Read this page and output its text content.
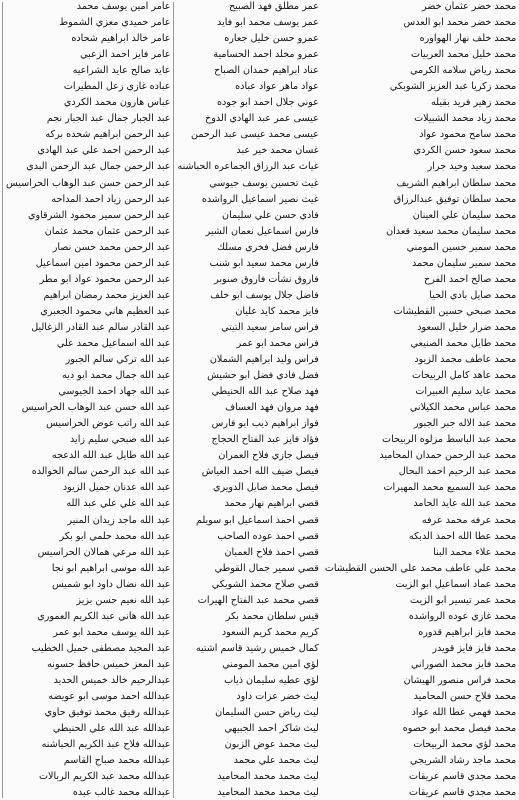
عامر امين يوسف محمد
عامر حميدي معزي الشموط
عامر خالد ابراهيم شحاده
عامر فايز احمد الزعبي
عايد صالح عايد الشراعيه
عباده غازي زعل المطيرات
عباس هارون محمد الكردي
عبد الجبار جمال عبد الجبار نجم
عبد الرحمن ابراهيم شحده بركه
عبد الرحمن احمد علي عبد الهادي
عبد الرحمن جمال عبد الرحمن البدي
عبد الرحمن حسن عبد الوهاب الحراسيس
عبد الرحمن زياد احمد المداحه
عبد الرحمن سمير محمود الشرقاوي
عبد الرحمن عثمان محمد عثمان
عبد الرحمن محمد حسن نصار
عبد الرحمن محمود امين اسماعيل
عبد الرحمن محمود عواد ابو مطر
عبد العزيز محمد رمضان ابراهيم
عبد العظيم هاني محمود الجعبري
عبد القادر سالم عبد القادر الزغاليل
عبد الله اسماعيل محمد علي
عبد الله تركي سالم الجبور
عبد الله جمال محمد ابو ديه
عبد الله جهاد احمد الجيوسي
عبد الله حسن عبد الوهاب الحراسيس
عبد الله راتب عوض الحراسيس
عبد الله صبحي سليم زايد
عبد الله طايل عبد الله الدعجه
عبد الله عبد الرحمن سالم الخوالده
عبد الله عدنان جميل الزيود
عبد الله علي علي عبد الله
عبد الله ماجد زيدان المنير
عبد الله محمد حلمي ابو بكر
عبد الله مرعي همالان الحراسيس
عبد الله موسى ابراهيم ابو نجا
عبد الله نضال داود ابو شميس
عبد الله نعيم حسن بزيز
عبد الله هاني عبد الكريم العموري
عبد الله يوسف محمد ابو عمر
عبد المجيد مصطفى جميل الخطيب
عبد المعز خميس حافظ حسونه
عبدالرحيم خالد خميس الحديد
عبدالله احمد موسى ابو عويضه
عبدالله رفيق محمد توفيق حاوي
عبدالله عبد الله علي الحنيطي
عبدالله فلاح عبد الكريم الحباشنه
عبدالله محمد صباح القاسم
عبدالله محمد عبد الكريم الربالات
عبدالله محمد غالب عبده
عمر مطلق فهد الصبيح
عمر يوسف محمد ابو فايد
عمرو حسن خليل جعاره
عمرو مخلد احمد الحسامية
عناد ابراهيم حمدان الصباح
عواد ماهر عواد عباده
عوني جلال احمد ابو جوده
عيسى عمر عبد الهادي الدوخ
عيسى محمد عيسى عبد الرحمن
غسان محمد خير عبد
غياث عبد الرزاق الجماعره الحباشنه
غيث تحسين يوسف جيوسي
غيث نصير اسماعيل الرواشده
فادي حسن علي سليمان
فارس اسماعيل نعمان الشير
فارس فضل فخري مسلك
فارس محمد سعيد ابو شنب
فاروق نشأت فاروق صنوبر
فاضل جلال يوسف ابو خلف
فايز محمد كايد عليان
فراس سامر سعيد التيتي
فراس محمد ابو عمر
فراس وليد ابراهيم الشملان
فضل فادي فضل ابو حشيش
فهد صلاح عبد الله الحنيطي
فهد مروان فهد العساف
فواز ابراهيم ذيب ابو فارس
فؤاد فايز عبد الفتاح الحجاج
فيصل جازي فلاح العمران
فيصل ضيف الله احمد العياش
فيصل محمد صايل الدويري
قصي ابراهيم نهار محمد
قصي احمد اسماعيل ابو سويلم
قصي احمد عوده الصاحب
قصي احمد فلاح العمبان
قصي سمير جمال القوطي
قصي صلاح محمد الشويكي
قصي محمد عبد الفتاح الهيرات
قيس سلطان محمد بكر
كريم محمد كريم السعود
كمال خميس رشيد قاسم اشتيه
لؤي امين محمد المومني
لؤي عطيه سليمان ذياب
ليث خضر عزات داود
ليث رياض حسن السليمان
ليث شاكر احمد الجبيهي
ليث محمد عوض الزبون
ليث محمد علي محمد
ليث محمد محمد المحاميد
ليث محمد محمد المحاميد
محمد خضر عثمان خضر
محمد خضر محمد ابو العدس
محمد خلف نهار الهواوره
محمد خليل محمد العربيات
محمد رياض سلامه الكرمي
محمد زكريا عبد العزيز الشوبكي
محمد زهير فريد بقيله
محمد زياد محمد الشبيلات
محمد سامح محمود عواد
محمد سعود حسن الكردي
محمد سعيد وحيد جرار
محمد سلطان ابراهيم الشريف
محمد سلطان توفيق عبدالرزاق
محمد سليمان علي العينان
محمد سليمان محمد سعيد قعدان
محمد سمير حسين المومني
محمد سمير سليمان محمد
محمد صالح احمد الفرح
محمد صايل بادي الحيا
محمد صبحي حسين القطيشات
محمد ضرار خليل السعود
محمد طايل محمد الصنيعي
محمد عاطف محمد الزيود
محمد عاهد كامل الربيحات
محمد عايد سليم العبيرات
محمد عباس محمد الكيلاني
محمد عبد الاله جبر الجبور
محمد عبد الباسط مزلوه الربيحات
محمد عبد الرحمن حمدان المحاميد
محمد عبد الرحيم احمد البحال
محمد عبد السميع محمد المهيرات
محمد عبد الله عايد الحامد
محمد عرفه محمد عرفه
محمد عطا الله احمد الدبكه
محمد علاء محمد البنا
محمد علي عاطف محمد علي الحسن القطيشات
محمد عماد اسماعيل ابو الزيت
محمد عمر تيسير ابو الزيت
محمد غازي عوده الرواشده
محمد فايز ابراهيم قدوره
محمد فايز فايز قويدر
محمد فايز محمد الصوراني
محمد فراس منصور الهيشان
محمد فلاح حسن المحاميد
محمد فهمي عطا الله عواد
محمد فيصل محمد ابو حصوه
محمد لؤي محمد الربيحات
محمد ماجد رشاد الشريجي
محمد مجدي قاسم عريقات
محمد مجدي قاسم عريقات
